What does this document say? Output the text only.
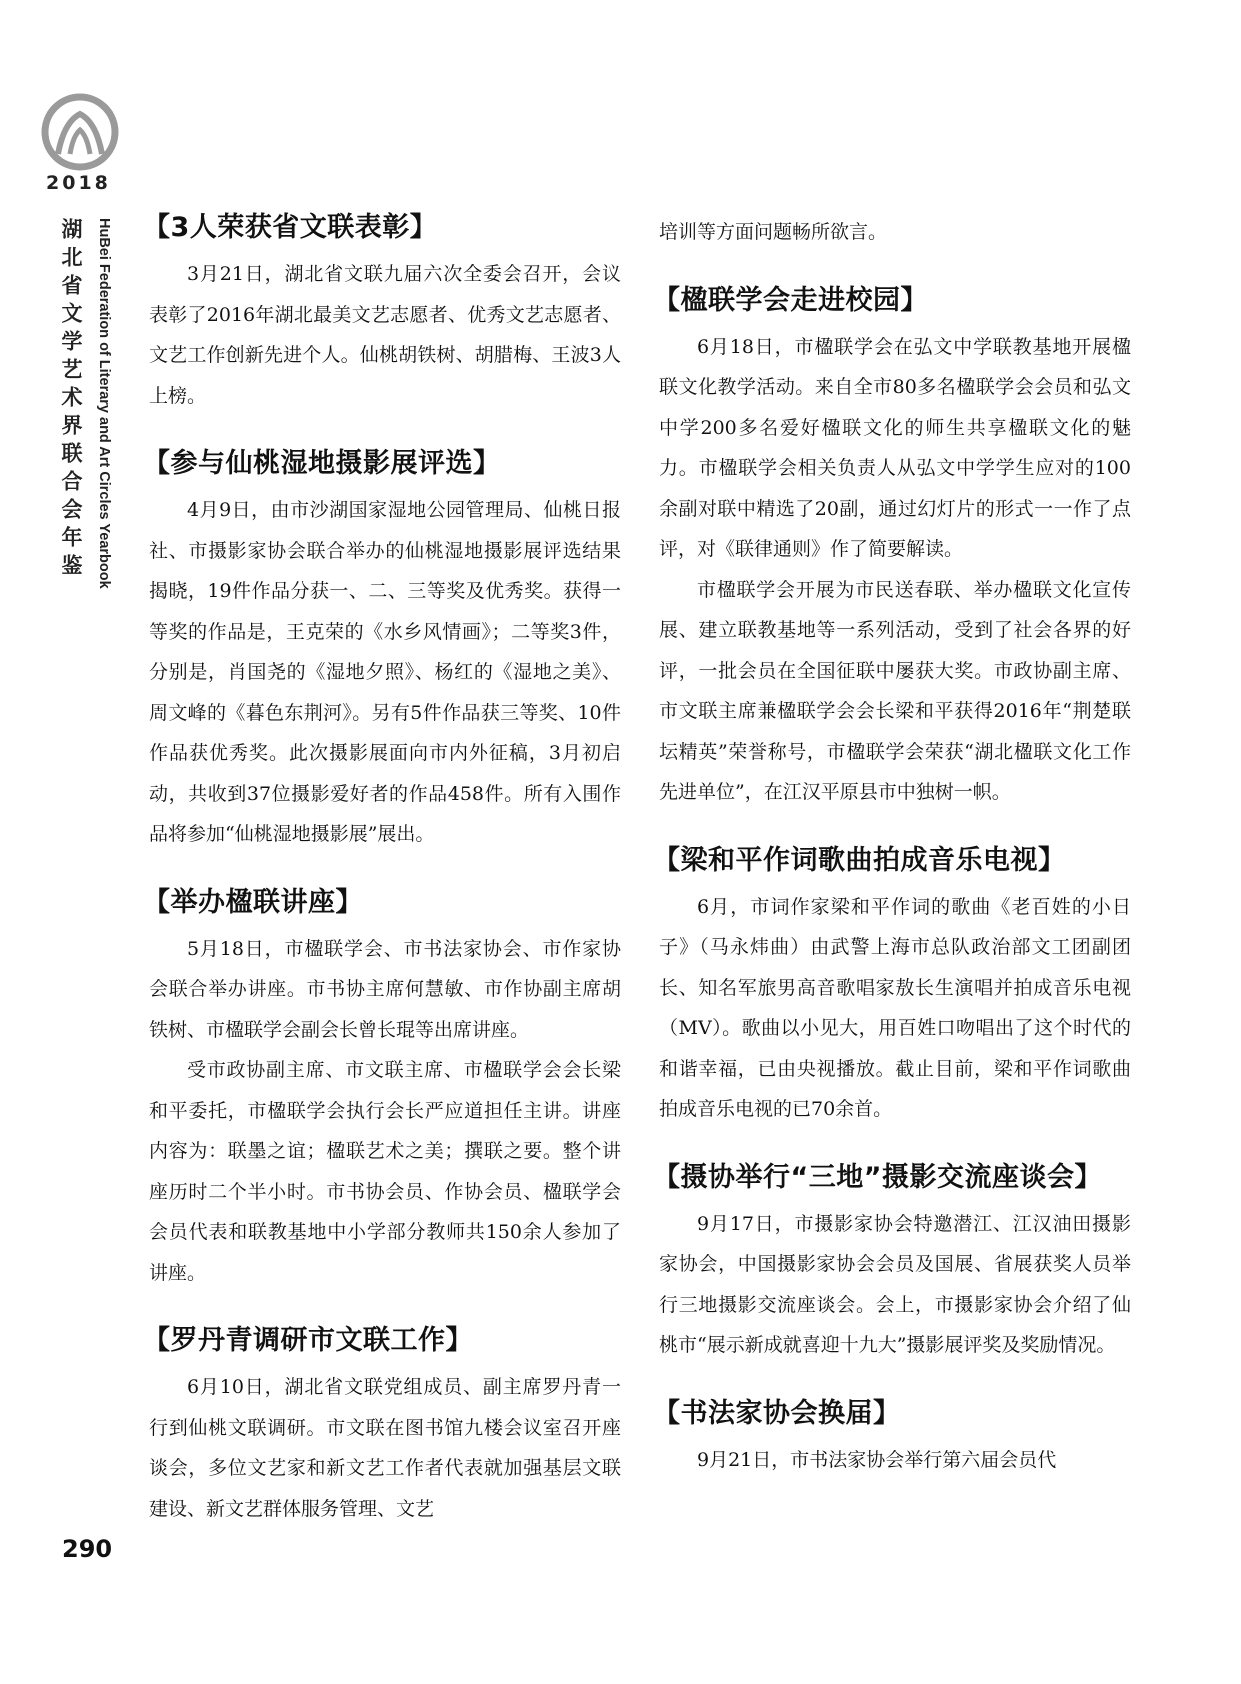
2018
湖北省文学艺术界联合会年鉴 HuBei Federation of Literary and Art Circles Yearbook 【3人荣获省文联表彰】

3月21日，湖北省文联九届六次全委会召开，会议表彰了2016年湖北最美文艺志愿者、优秀文艺志愿者、文艺工作创新先进个人。仙桃胡铁树、胡腊梅、王波3人上榜。

【参与仙桃湿地摄影展评选】

4月9日，由市沙湖国家湿地公园管理局、仙桃日报社、市摄影家协会联合举办的仙桃湿地摄影展评选结果揭晓，19件作品分获一、二、三等奖及优秀奖。获得一等奖的作品是，王克荣的《水乡风情画》；二等奖3件，分别是，肖国尧的《湿地夕照》、杨红的《湿地之美》、周文峰的《暮色东荆河》。另有5件作品获三等奖、10件作品获优秀奖。此次摄影展面向市内外征稿，3月初启动，共收到37位摄影爱好者的作品458件。所有入围作品将参加“仙桃湿地摄影展”展出。

【举办楹联讲座】

5月18日，市楹联学会、市书法家协会、市作家协会联合举办讲座。市书协主席何慧敏、市作协副主席胡铁树、市楹联学会副会长曾长琨等出席讲座。

受市政协副主席、市文联主席、市楹联学会会长梁和平委托，市楹联学会执行会长严应道担任主讲。讲座内容为：联墨之谊；楹联艺术之美；撰联之要。整个讲座历时二个半小时。市书协会员、作协会员、楹联学会会员代表和联教基地中小学部分教师共150余人参加了讲座。

【罗丹青调研市文联工作】

6月10日，湖北省文联党组成员、副主席罗丹青一行到仙桃文联调研。市文联在图书馆九楼会议室召开座谈会，多位文艺家和新文艺工作者代表就加强基层文联建设、新文艺群体服务管理、文艺

培训等方面问题畅所欲言。

【楹联学会走进校园】

6月18日，市楹联学会在弘文中学联教基地开展楹联文化教学活动。来自全市80多名楹联学会会员和弘文中学200多名爱好楹联文化的师生共享楹联文化的魅力。市楹联学会相关负责人从弘文中学学生应对的100余副对联中精选了20副，通过幻灯片的形式一一作了点评，对《联律通则》作了简要解读。

市楹联学会开展为市民送春联、举办楹联文化宣传展、建立联教基地等一系列活动，受到了社会各界的好评，一批会员在全国征联中屡获大奖。市政协副主席、市文联主席兼楹联学会会长梁和平获得2016年“荆楚联坛精英”荣誉称号，市楹联学会荣获“湖北楹联文化工作先进单位”，在江汉平原县市中独树一帜。

【梁和平作词歌曲拍成音乐电视】

6月，市词作家梁和平作词的歌曲《老百姓的小日子》（马永炜曲）由武警上海市总队政治部文工团副团长、知名军旅男高音歌唱家敖长生演唱并拍成音乐电视（MV）。歌曲以小见大，用百姓口吻唱出了这个时代的和谐幸福，已由央视播放。截止目前，梁和平作词歌曲拍成音乐电视的已70余首。

【摄协举行“三地”摄影交流座谈会】

9月17日，市摄影家协会特邀潜江、江汉油田摄影家协会，中国摄影家协会会员及国展、省展获奖人员举行三地摄影交流座谈会。会上，市摄影家协会介绍了仙桃市“展示新成就喜迎十九大”摄影展评奖及奖励情况。

【书法家协会换届】

9月21日，市书法家协会举行第六届会员代

290
